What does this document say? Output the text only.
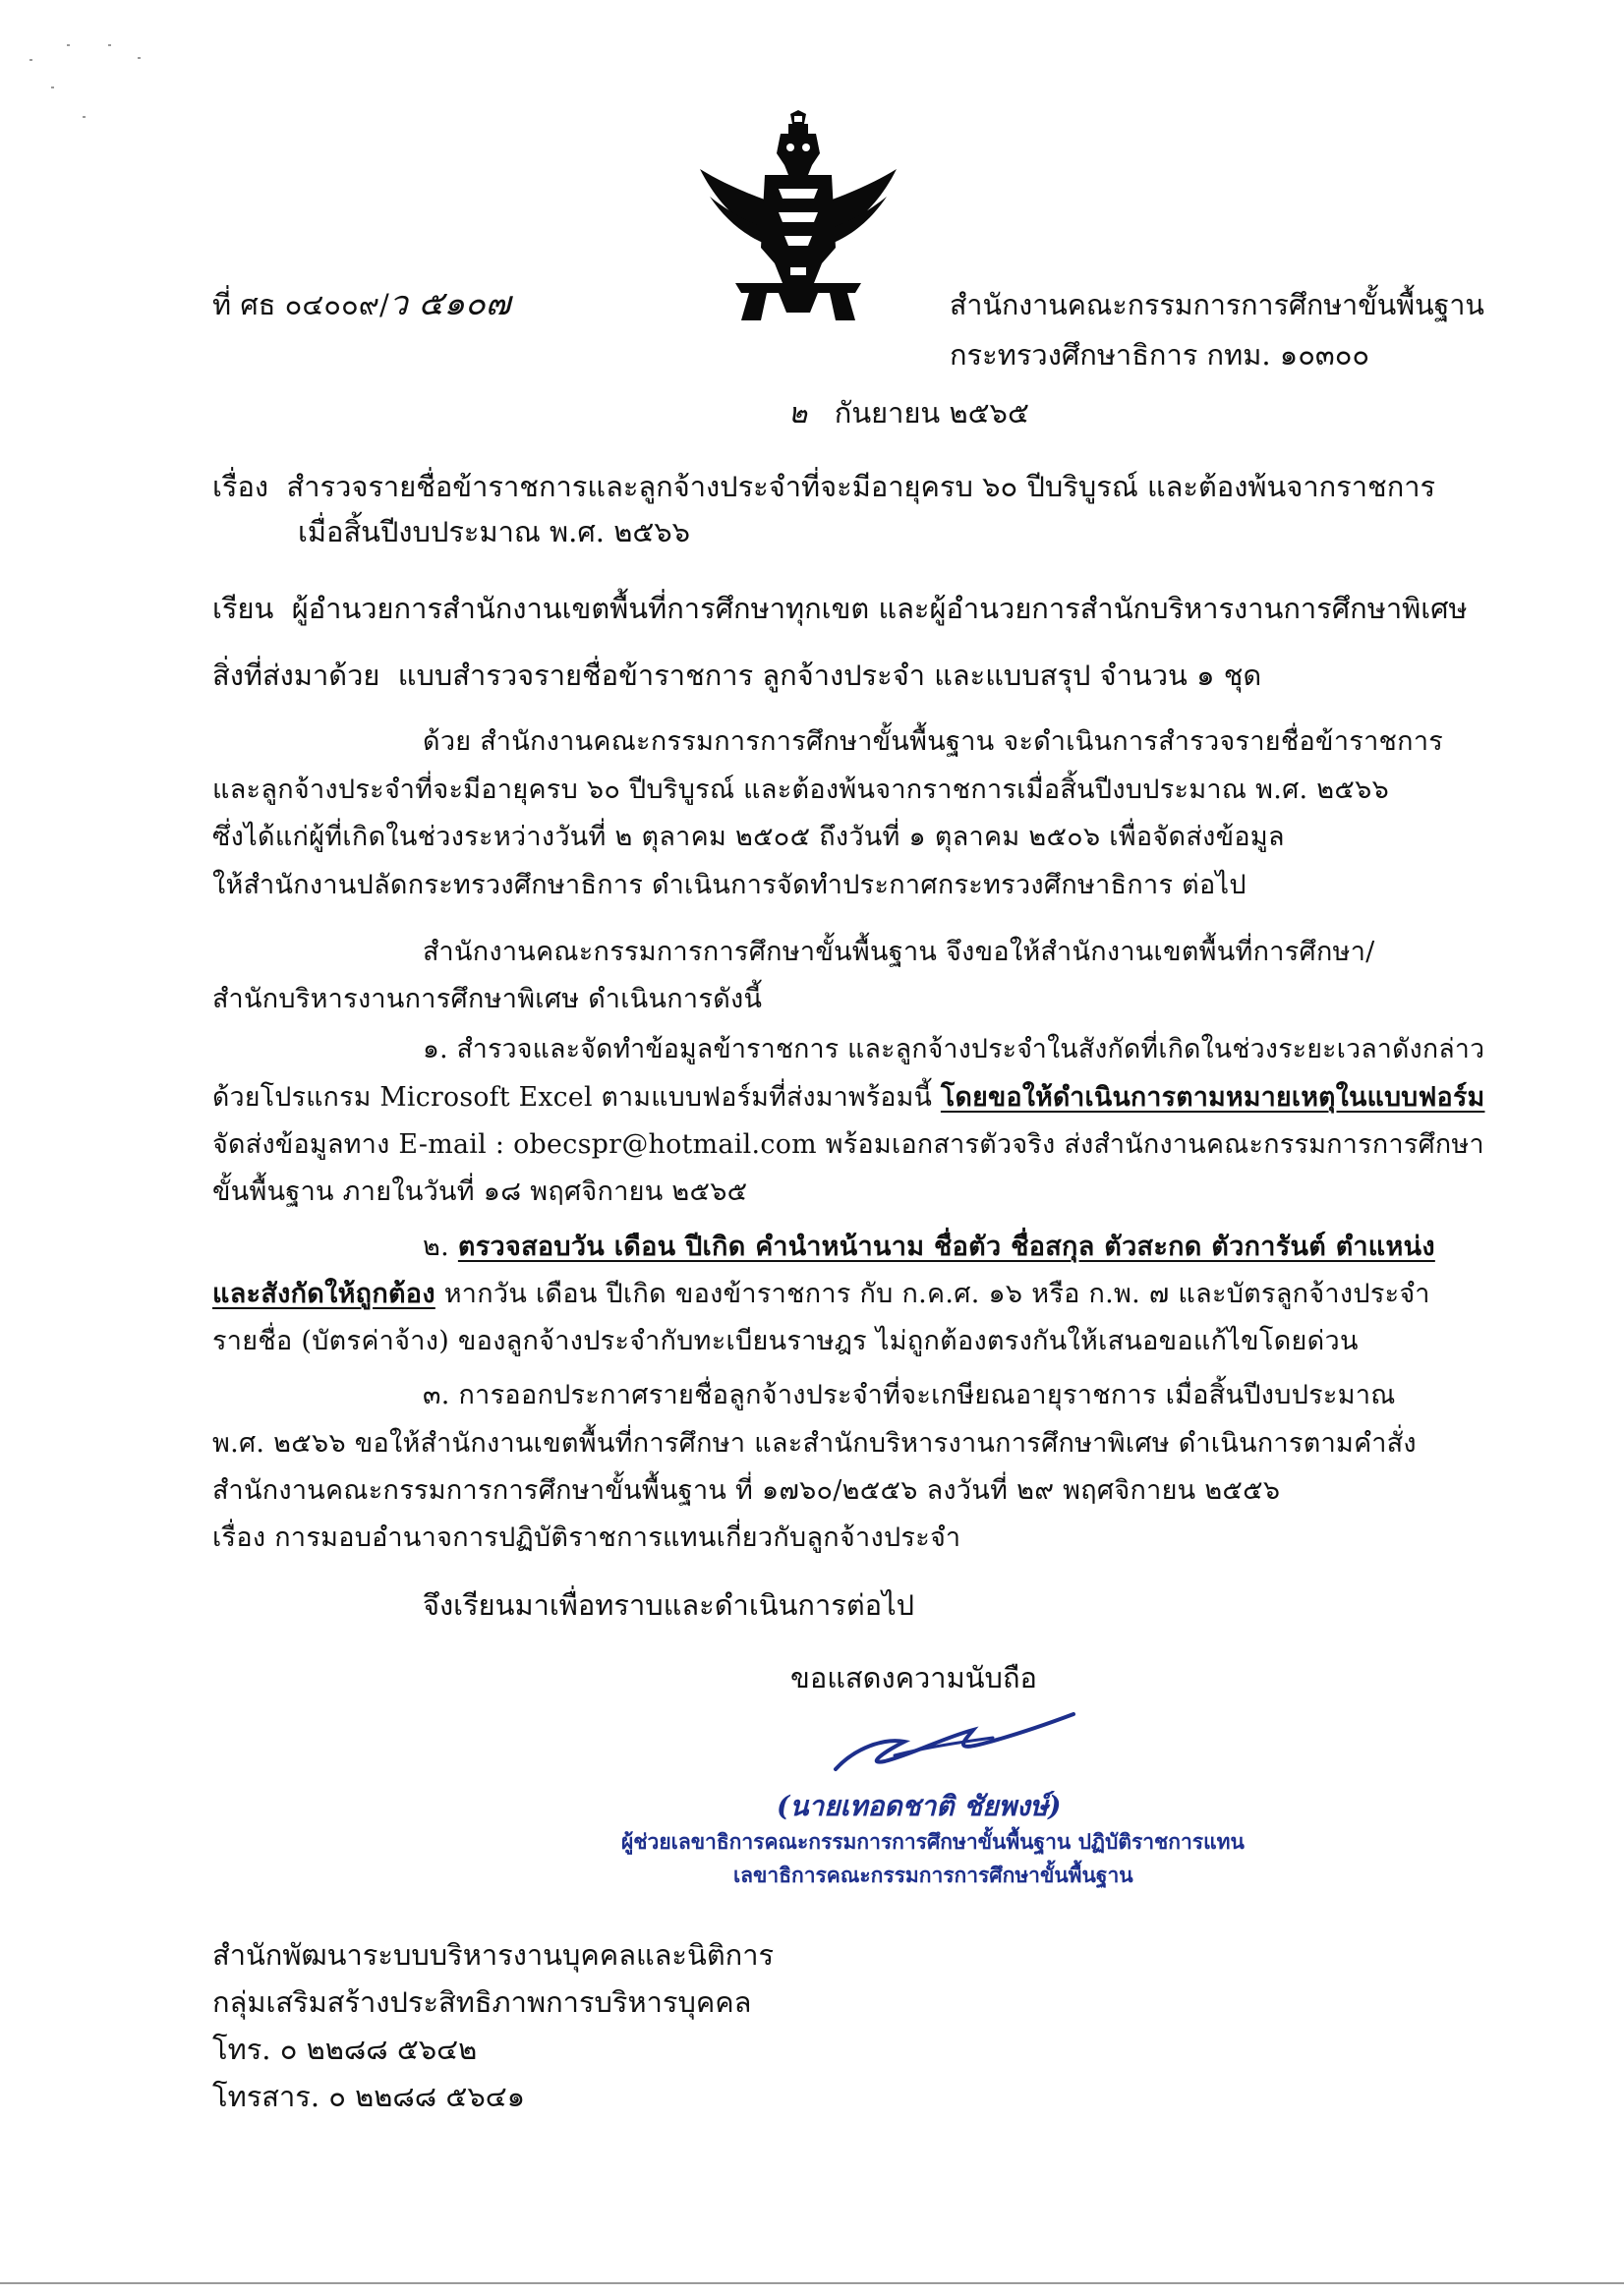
ที่ ศธ ๐๔๐๐๙/ว ๕๑๐๗	สำนักงานคณะกรรมการการศึกษาขั้นพื้นฐาน
กระทรวงศึกษาธิการ กทม. ๑๐๓๐๐
๒ กันยายน ๒๕๖๕
เรื่อง สำรวจรายชื่อข้าราชการและลูกจ้างประจำที่จะมีอายุครบ ๖๐ ปีบริบูรณ์ และต้องพ้นจากราชการ
เมื่อสิ้นปีงบประมาณ พ.ศ. ๒๕๖๖
เรียน ผู้อำนวยการสำนักงานเขตพื้นที่การศึกษาทุกเขต และผู้อำนวยการสำนักบริหารงานการศึกษาพิเศษ
สิ่งที่ส่งมาด้วย แบบสำรวจรายชื่อข้าราชการ ลูกจ้างประจำ และแบบสรุป จำนวน ๑ ชุด
ด้วย สำนักงานคณะกรรมการการศึกษาขั้นพื้นฐาน จะดำเนินการสำรวจรายชื่อข้าราชการ
และลูกจ้างประจำที่จะมีอายุครบ ๖๐ ปีบริบูรณ์ และต้องพ้นจากราชการเมื่อสิ้นปีงบประมาณ พ.ศ. ๒๕๖๖
ซึ่งได้แก่ผู้ที่เกิดในช่วงระหว่างวันที่ ๒ ตุลาคม ๒๕๐๕ ถึงวันที่ ๑ ตุลาคม ๒๕๐๖ เพื่อจัดส่งข้อมูล
ให้สำนักงานปลัดกระทรวงศึกษาธิการ ดำเนินการจัดทำประกาศกระทรวงศึกษาธิการ ต่อไป
สำนักงานคณะกรรมการการศึกษาขั้นพื้นฐาน จึงขอให้สำนักงานเขตพื้นที่การศึกษา/
สำนักบริหารงานการศึกษาพิเศษ ดำเนินการดังนี้
๑. สำรวจและจัดทำข้อมูลข้าราชการ และลูกจ้างประจำในสังกัดที่เกิดในช่วงระยะเวลาดังกล่าว
ด้วยโปรแกรม Microsoft Excel ตามแบบฟอร์มที่ส่งมาพร้อมนี้ โดยขอให้ดำเนินการตามหมายเหตุในแบบฟอร์ม
จัดส่งข้อมูลทาง E-mail : obecspr@hotmail.com พร้อมเอกสารตัวจริง ส่งสำนักงานคณะกรรมการการศึกษา
ขั้นพื้นฐาน ภายในวันที่ ๑๘ พฤศจิกายน ๒๕๖๕
๒. ตรวจสอบวัน เดือน ปีเกิด คำนำหน้านาม ชื่อตัว ชื่อสกุล ตัวสะกด ตัวการันต์ ตำแหน่ง
และสังกัดให้ถูกต้อง หากวัน เดือน ปีเกิด ของข้าราชการ กับ ก.ค.ศ. ๑๖ หรือ ก.พ. ๗ และบัตรลูกจ้างประจำ
รายชื่อ (บัตรค่าจ้าง) ของลูกจ้างประจำกับทะเบียนราษฎร ไม่ถูกต้องตรงกันให้เสนอขอแก้ไขโดยด่วน
๓. การออกประกาศรายชื่อลูกจ้างประจำที่จะเกษียณอายุราชการ เมื่อสิ้นปีงบประมาณ
พ.ศ. ๒๕๖๖ ขอให้สำนักงานเขตพื้นที่การศึกษา และสำนักบริหารงานการศึกษาพิเศษ ดำเนินการตามคำสั่ง
สำนักงานคณะกรรมการการศึกษาขั้นพื้นฐาน ที่ ๑๗๖๐/๒๕๕๖ ลงวันที่ ๒๙ พฤศจิกายน ๒๕๕๖
เรื่อง การมอบอำนาจการปฏิบัติราชการแทนเกี่ยวกับลูกจ้างประจำ
จึงเรียนมาเพื่อทราบและดำเนินการต่อไป
ขอแสดงความนับถือ
(นายเทอดชาติ ชัยพงษ์)
ผู้ช่วยเลขาธิการคณะกรรมการการศึกษาขั้นพื้นฐาน ปฏิบัติราชการแทน
เลขาธิการคณะกรรมการการศึกษาขั้นพื้นฐาน
สำนักพัฒนาระบบบริหารงานบุคคลและนิติการ
กลุ่มเสริมสร้างประสิทธิภาพการบริหารบุคคล
โทร. ๐ ๒๒๘๘ ๕๖๔๒
โทรสาร. ๐ ๒๒๘๘ ๕๖๔๑
